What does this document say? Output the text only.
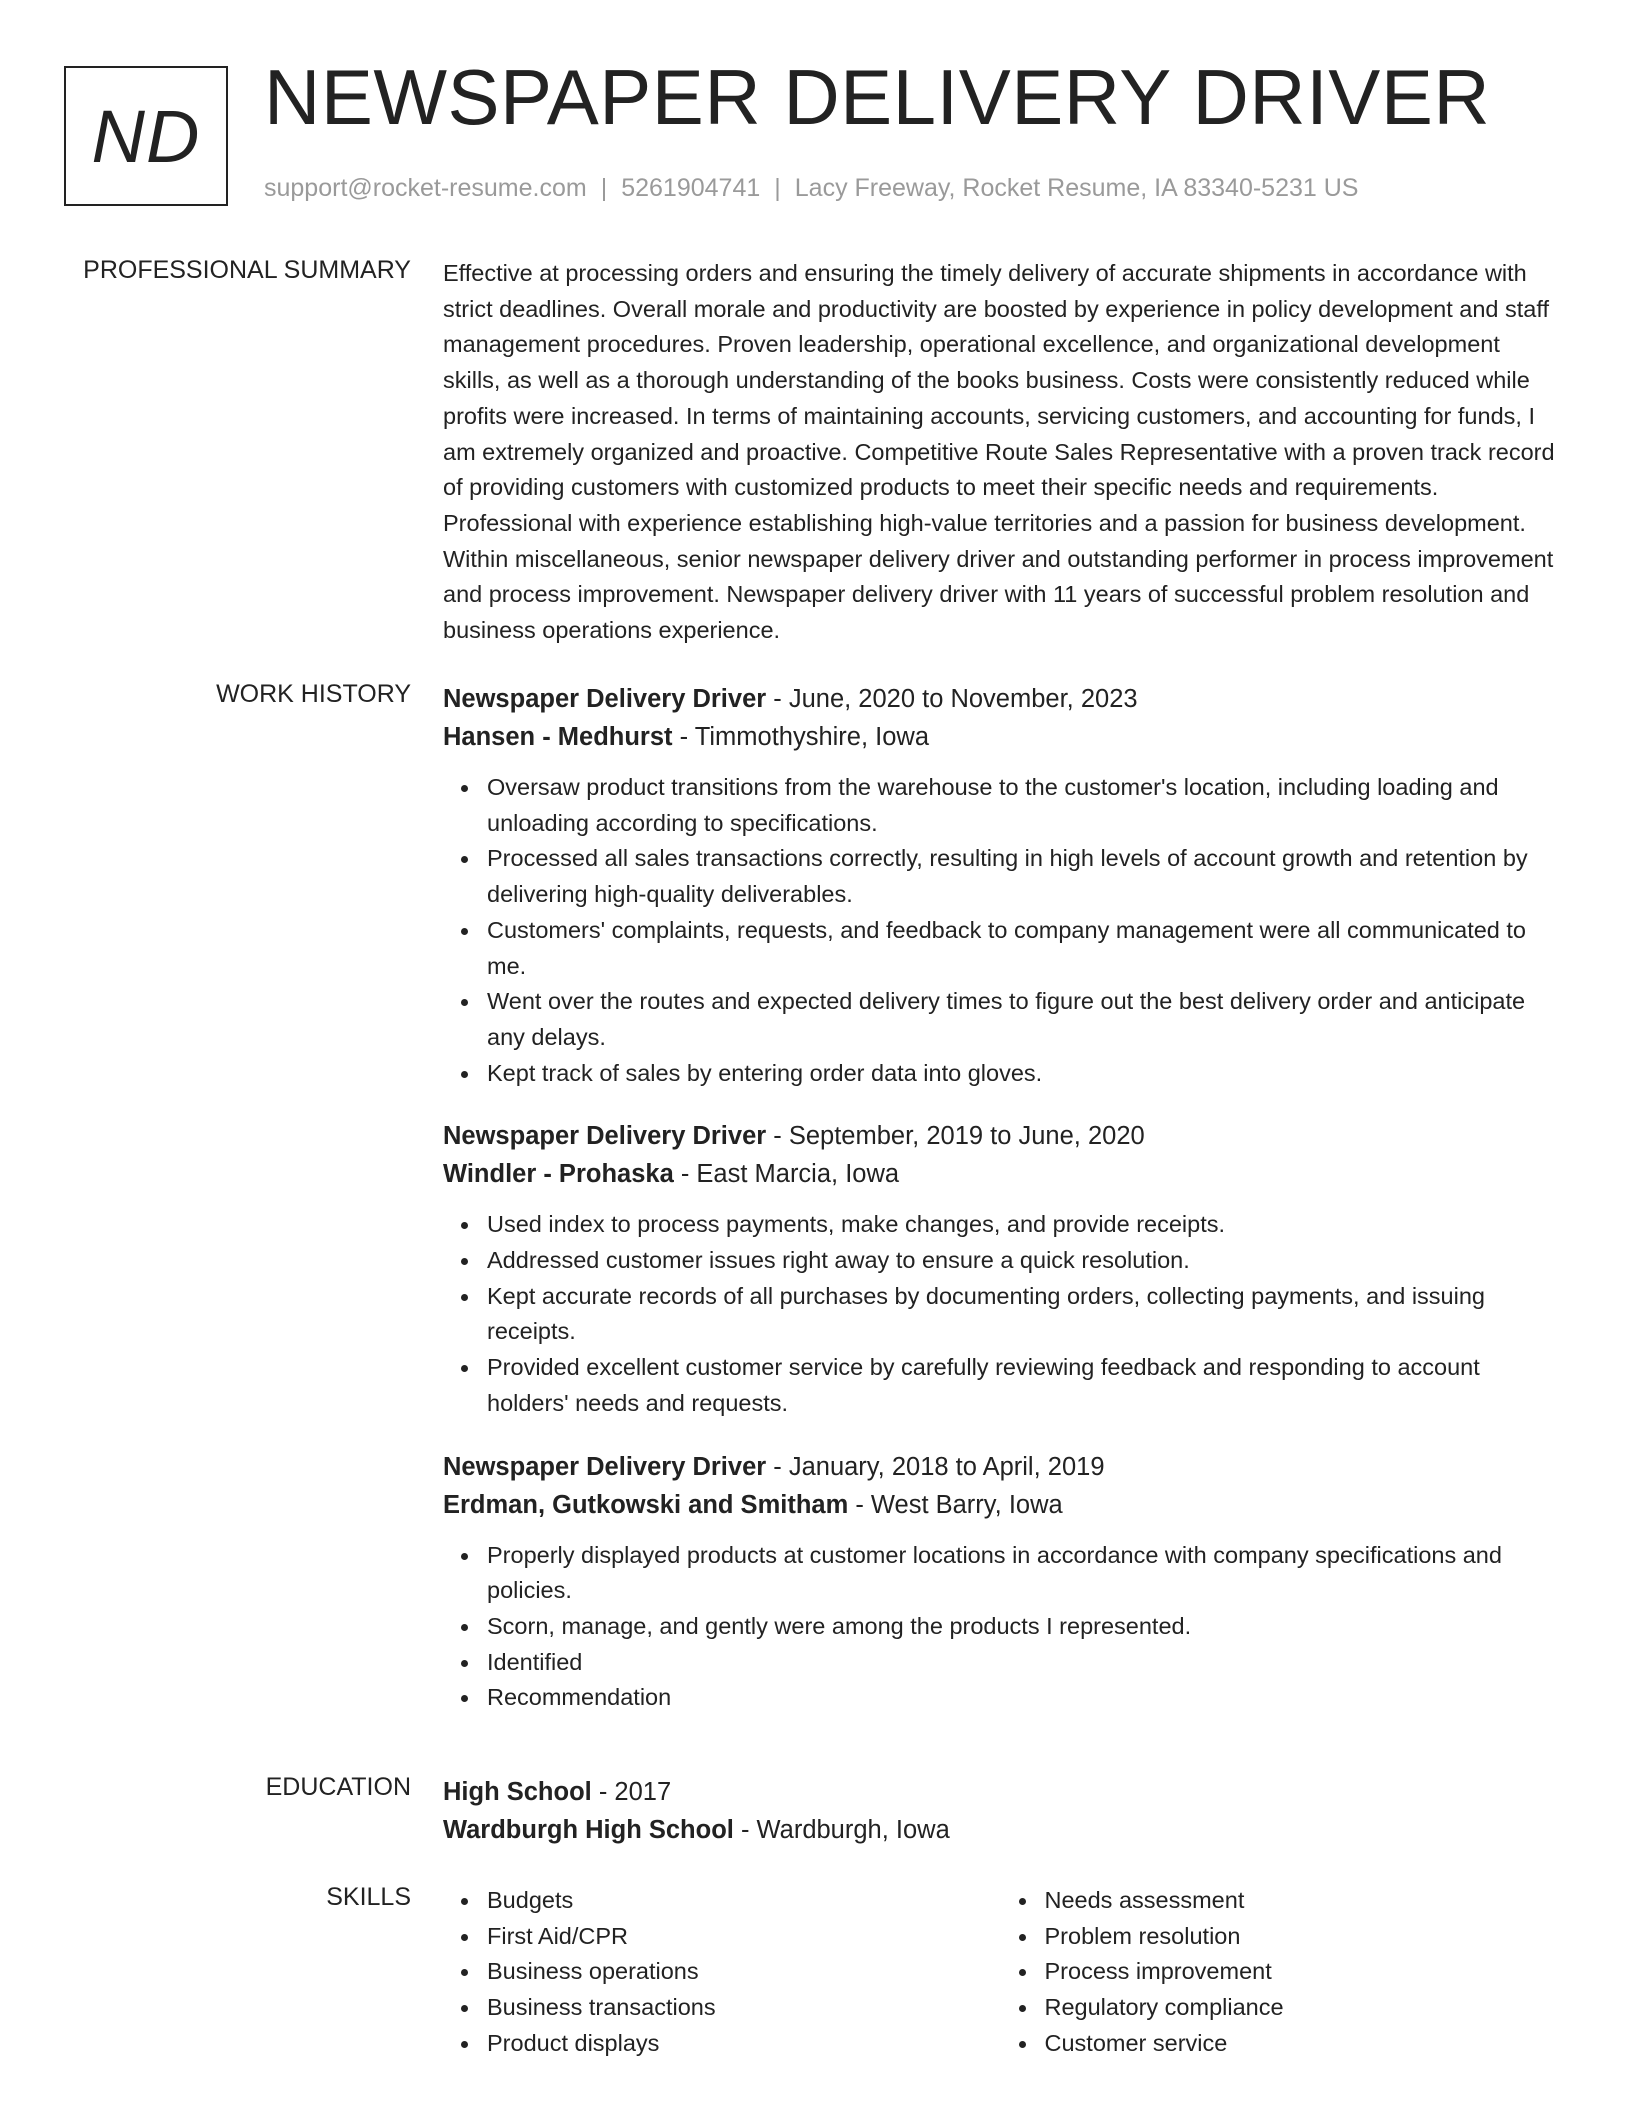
ND NEWSPAPER DELIVERY DRIVER
support@rocket-resume.com | 5261904741 | Lacy Freeway, Rocket Resume, IA 83340-5231 US
PROFESSIONAL SUMMARY Effective at processing orders and ensuring the timely delivery of accurate shipments in accordance with strict deadlines. Overall morale and productivity are boosted by experience in policy development and staff management procedures. Proven leadership, operational excellence, and organizational development skills, as well as a thorough understanding of the books business. Costs were consistently reduced while profits were increased. In terms of maintaining accounts, servicing customers, and accounting for funds, I am extremely organized and proactive. Competitive Route Sales Representative with a proven track record of providing customers with customized products to meet their specific needs and requirements. Professional with experience establishing high-value territories and a passion for business development. Within miscellaneous, senior newspaper delivery driver and outstanding performer in process improvement and process improvement. Newspaper delivery driver with 11 years of successful problem resolution and business operations experience.

WORK HISTORY Newspaper Delivery Driver - June, 2020 to November, 2023
Hansen - Medhurst - Timmothyshire, Iowa
Oversaw product transitions from the warehouse to the customer's location, including loading and unloading according to specifications.
Processed all sales transactions correctly, resulting in high levels of account growth and retention by delivering high-quality deliverables.
Customers' complaints, requests, and feedback to company management were all communicated to me.
Went over the routes and expected delivery times to figure out the best delivery order and anticipate any delays.
Kept track of sales by entering order data into gloves.
Newspaper Delivery Driver - September, 2019 to June, 2020
Windler - Prohaska - East Marcia, Iowa
Used index to process payments, make changes, and provide receipts.
Addressed customer issues right away to ensure a quick resolution.
Kept accurate records of all purchases by documenting orders, collecting payments, and issuing receipts.
Provided excellent customer service by carefully reviewing feedback and responding to account holders' needs and requests.
Newspaper Delivery Driver - January, 2018 to April, 2019
Erdman, Gutkowski and Smitham - West Barry, Iowa
Properly displayed products at customer locations in accordance with company specifications and policies.
Scorn, manage, and gently were among the products I represented.
Identified
Recommendation
EDUCATION High School - 2017
Wardburgh High School - Wardburgh, Iowa
SKILLS	Budgets
First Aid/CPR
Business operations
Business transactions
Product displays
Needs assessment
Problem resolution
Process improvement
Regulatory compliance
Customer service
